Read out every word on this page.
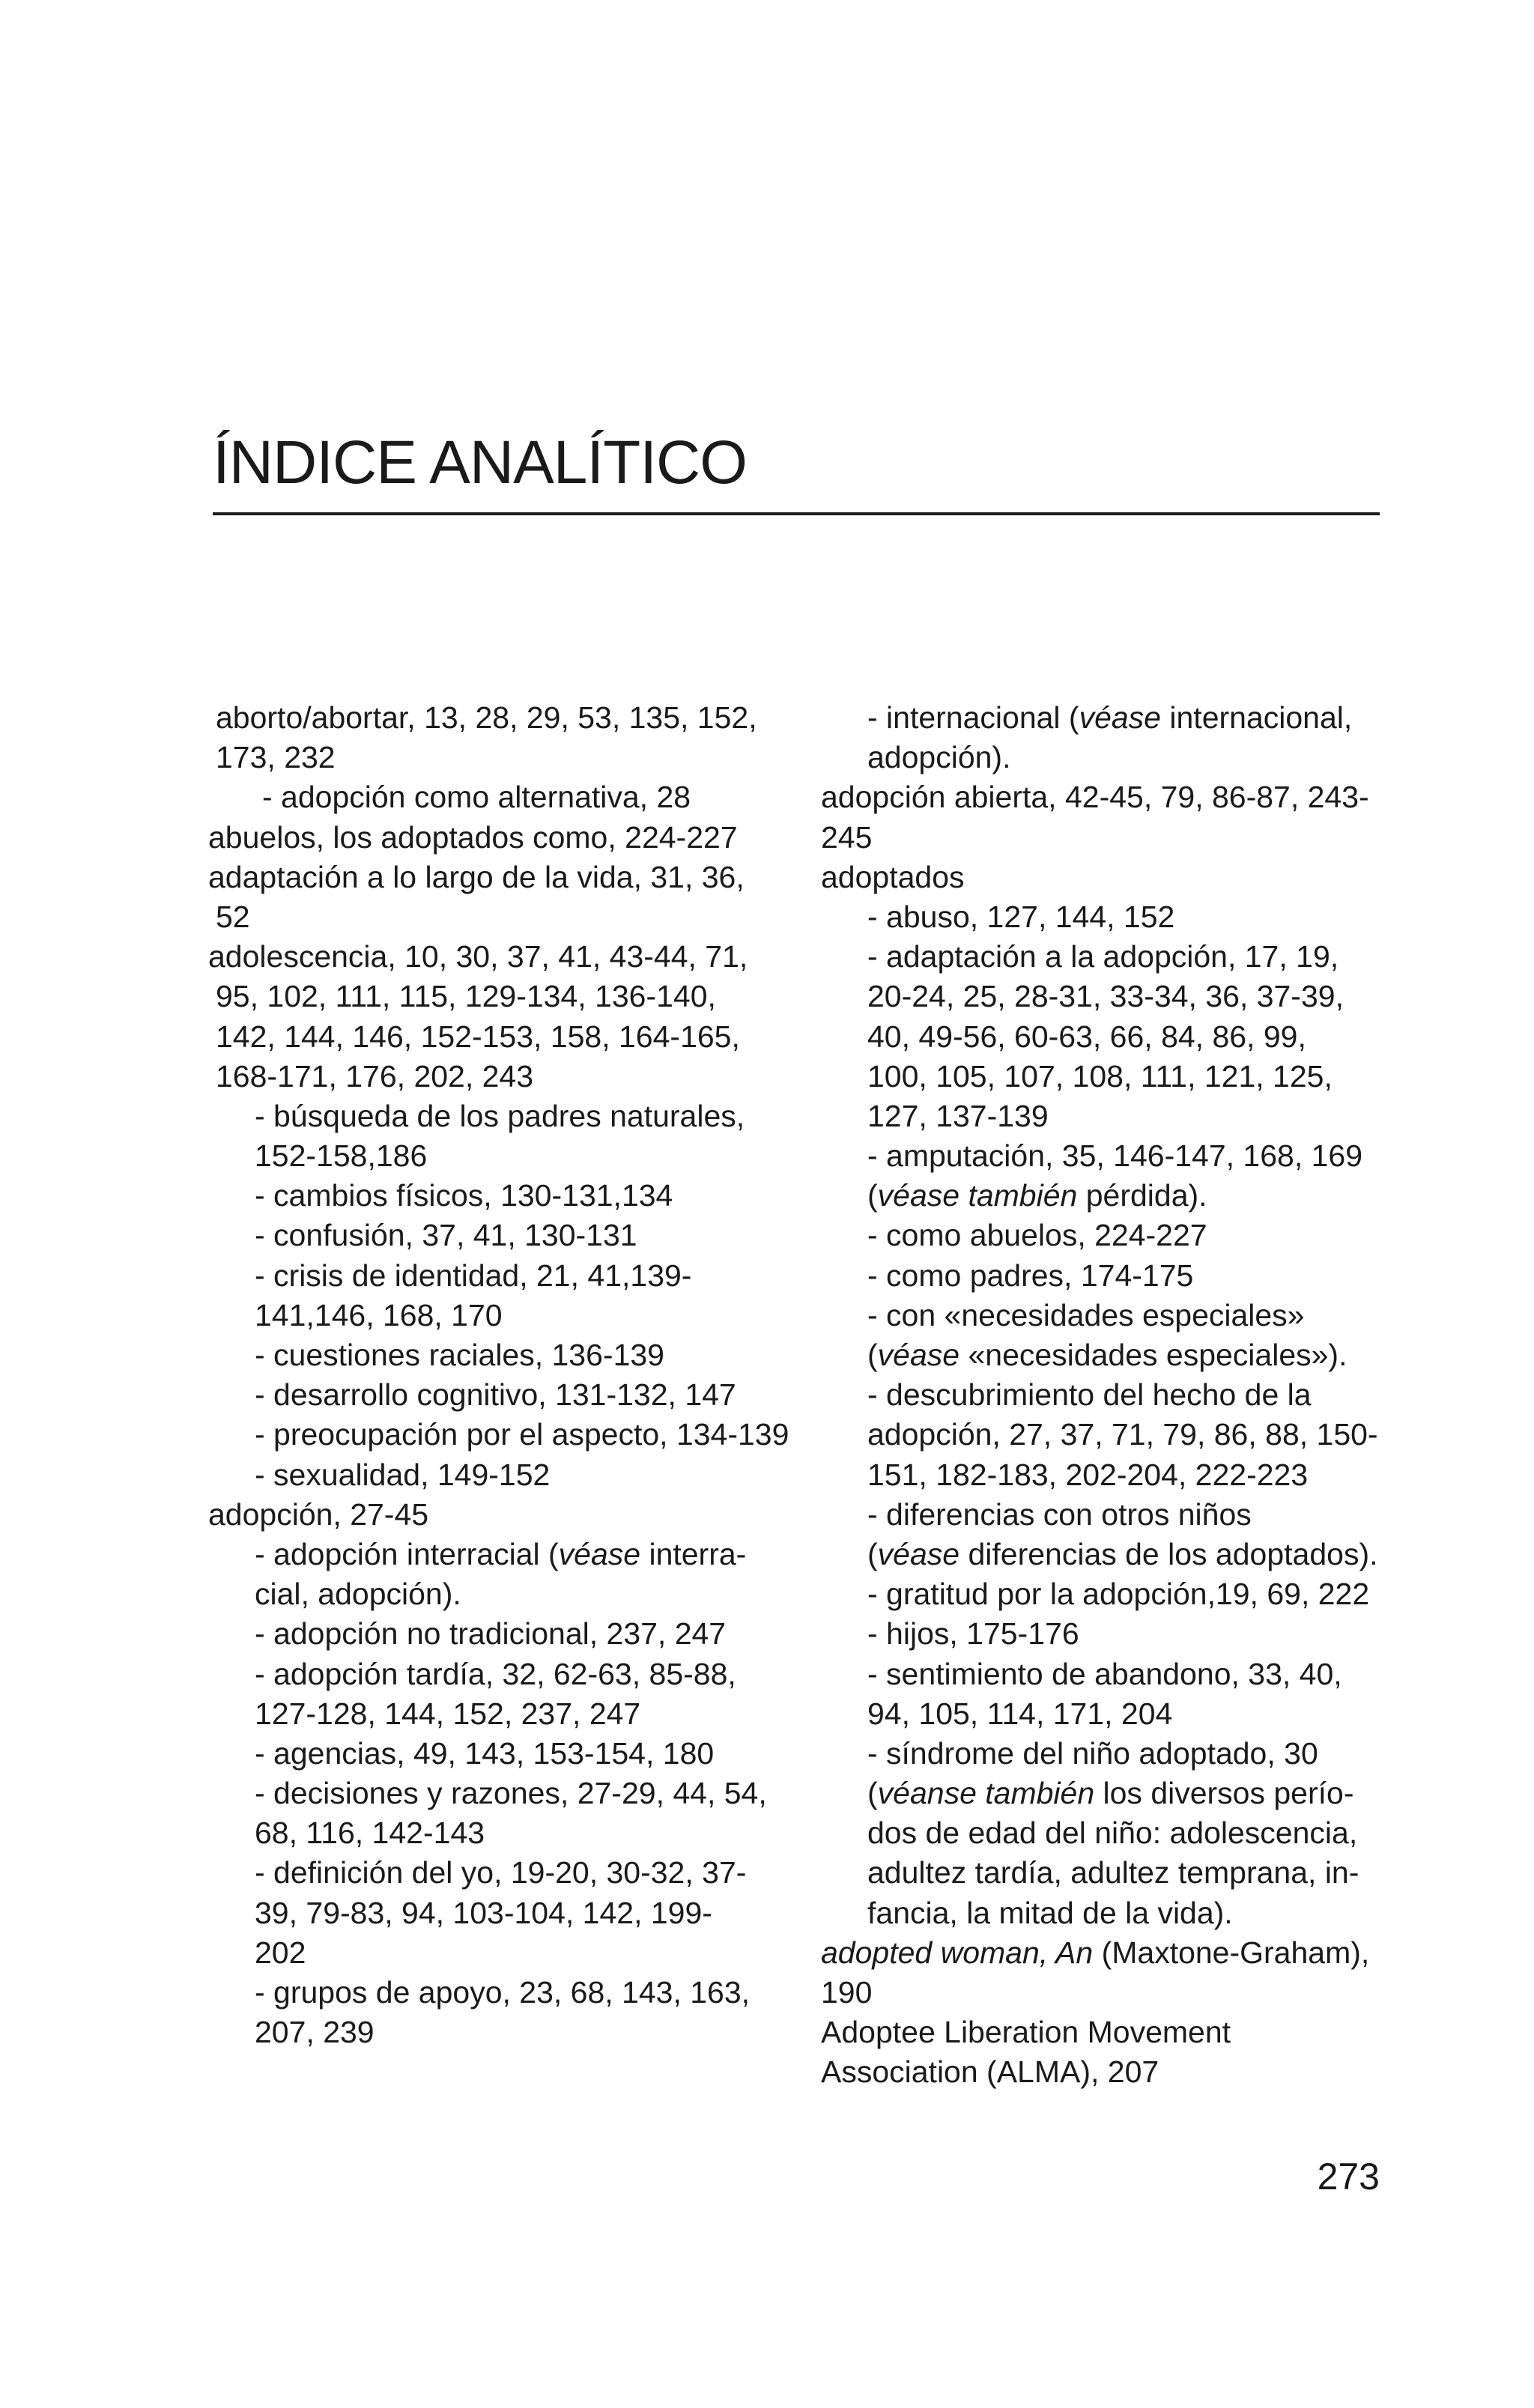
ÍNDICE ANALÍTICO
aborto/abortar, 13, 28, 29, 53, 135, 152,
173, 232
- adopción como alternativa, 28
abuelos, los adoptados como, 224-227
adaptación a lo largo de la vida, 31, 36,
52
adolescencia, 10, 30, 37, 41, 43-44, 71,
95, 102, 111, 115, 129-134, 136-140,
142, 144, 146, 152-153, 158, 164-165,
168-171, 176, 202, 243
- búsqueda de los padres naturales,
152-158,186
- cambios físicos, 130-131,134
- confusión, 37, 41, 130-131
- crisis de identidad, 21, 41,139-
141,146, 168, 170
- cuestiones raciales, 136-139
- desarrollo cognitivo, 131-132, 147
- preocupación por el aspecto, 134-139
- sexualidad, 149-152
adopción, 27-45
- adopción interracial (véase interra-
cial, adopción).
- adopción no tradicional, 237, 247
- adopción tardía, 32, 62-63, 85-88,
127-128, 144, 152, 237, 247
- agencias, 49, 143, 153-154, 180
- decisiones y razones, 27-29, 44, 54,
68, 116, 142-143
- definición del yo, 19-20, 30-32, 37-
39, 79-83, 94, 103-104, 142, 199-
202
- grupos de apoyo, 23, 68, 143, 163,
207, 239
- internacional (véase internacional,
adopción).
adopción abierta, 42-45, 79, 86-87, 243-
245
adoptados
- abuso, 127, 144, 152
- adaptación a la adopción, 17, 19,
20-24, 25, 28-31, 33-34, 36, 37-39,
40, 49-56, 60-63, 66, 84, 86, 99,
100, 105, 107, 108, 111, 121, 125,
127, 137-139
- amputación, 35, 146-147, 168, 169
(véase también pérdida).
- como abuelos, 224-227
- como padres, 174-175
- con «necesidades especiales»
(véase «necesidades especiales»).
- descubrimiento del hecho de la
adopción, 27, 37, 71, 79, 86, 88, 150-
151, 182-183, 202-204, 222-223
- diferencias con otros niños
(véase diferencias de los adoptados).
- gratitud por la adopción,19, 69, 222
- hijos, 175-176
- sentimiento de abandono, 33, 40,
94, 105, 114, 171, 204
- síndrome del niño adoptado, 30
(véanse también los diversos perío-
dos de edad del niño: adolescencia,
adultez tardía, adultez temprana, in-
fancia, la mitad de la vida).
adopted woman, An (Maxtone-Graham),
190
Adoptee Liberation Movement
Association (ALMA), 207
273
